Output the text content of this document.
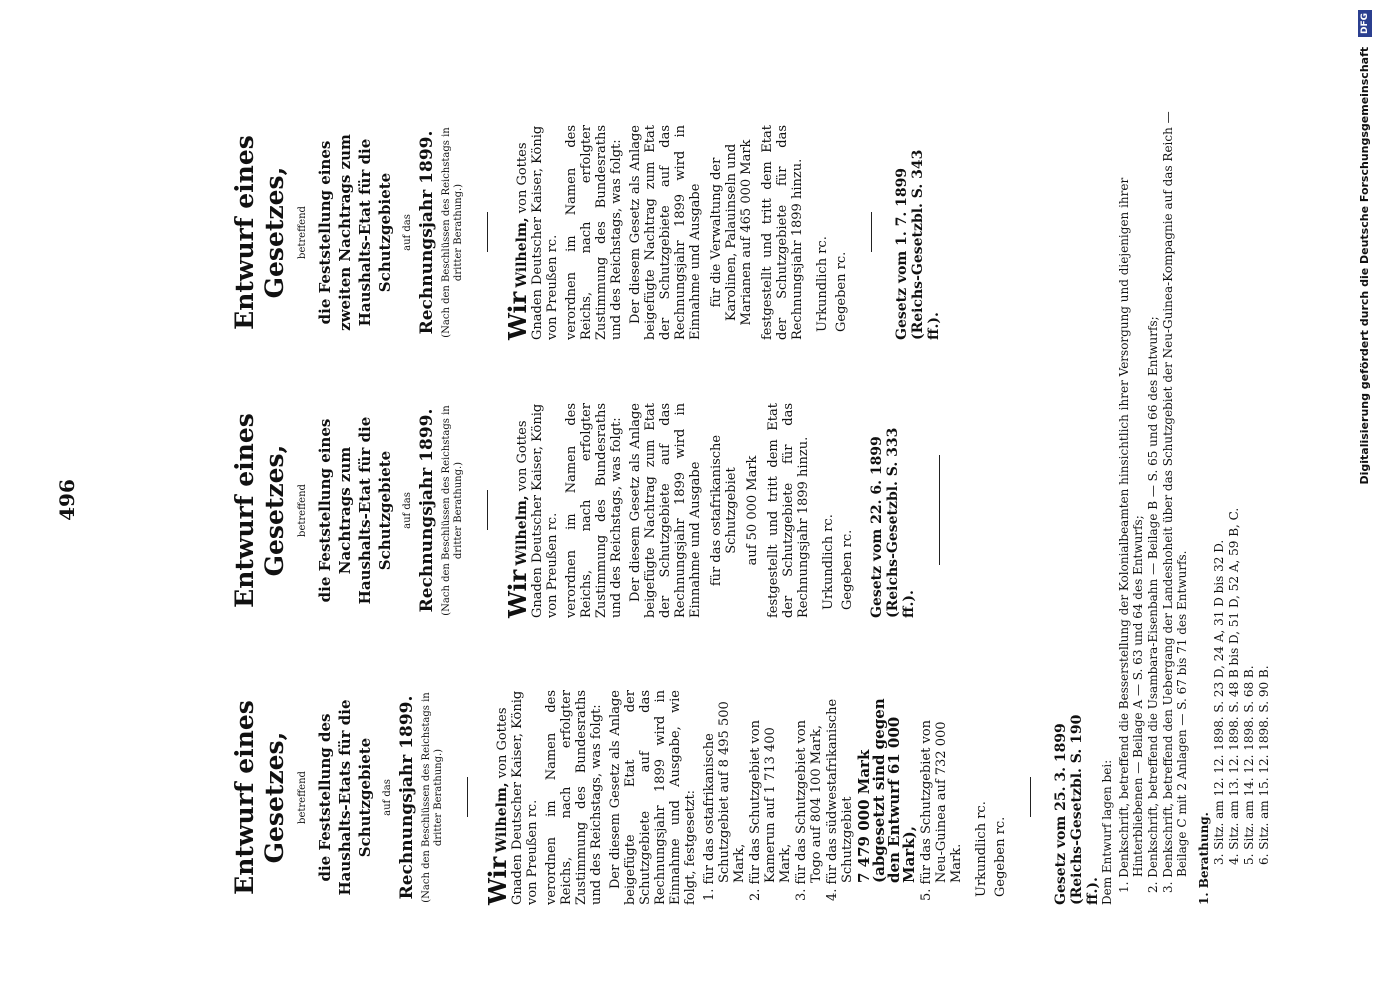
496
Entwurf eines Gesetzes, betreffend die Feststellung des Haushalts-Etats für die Schutzgebiete auf das Rechnungsjahr 1899. (Nach den Beschlüssen des Reichstags in dritter Berathung.)
Wir Wilhelm, von Gottes Gnaden Deutscher Kaiser, König von Preußen rc. verordnen im Namen des Reichs, nach erfolgter Zustimmung des Bundesraths und des Reichstags, was folgt: Der diesem Gesetz als Anlage beigefügte Etat der Schutzgebiete auf das Rechnungsjahr 1899 wird in Einnahme und Ausgabe, wie folgt, festgesetzt: 1. für das ostafrikanische Schutzgebiet auf 8 495 500 Mark, 2. für das Schutzgebiet von Kamerun auf 1 713 400 Mark, 3. für das Schutzgebiet von Togo auf 804 100 Mark, 4. für das südwestafrikanische Schutzgebiet 7 479 000 Mark (abgesetzt sind gegen den Entwurf 61 000 Mark), 5. für das Schutzgebiet von Neu-Guinea auf 732 000 Mark. Urkundlich rc. Gegeben rc.	Gesetz vom 25. 3. 1899 (Reichs-Gesetzbl. S. 190 ff.).
Entwurf eines Gesetzes, betreffend die Feststellung eines Nachtrags zum Haushalts-Etat für die Schutzgebiete auf das Rechnungsjahr 1899. (Nach den Beschlüssen des Reichstags in dritter Berathung.)
Wir Wilhelm, von Gottes Gnaden Deutscher Kaiser, König von Preußen rc. verordnen im Namen des Reichs, nach erfolgter Zustimmung des Bundesraths und des Reichstags, was folgt: Der diesem Gesetz als Anlage beigefügte Nachtrag zum Etat der Schutzgebiete auf das Rechnungsjahr 1899 wird in Einnahme und Ausgabe für das ostafrikanische Schutzgebiet auf 50 000 Mark festgestellt und tritt dem Etat der Schutzgebiete für das Rechnungsjahr 1899 hinzu. Urkundlich rc. Gegeben rc. Gesetz vom 22. 6. 1899 (Reichs-Gesetzbl. S. 333 ff.).
Entwurf eines Gesetzes, betreffend die Feststellung eines zweiten Nachtrags zum Haushalts-Etat für die Schutzgebiete auf das Rechnungsjahr 1899. (Nach den Beschlüssen des Reichstags in dritter Berathung.)
Wir Wilhelm, von Gottes Gnaden Deutscher Kaiser, König von Preußen rc. verordnen im Namen des Reichs, nach erfolgter Zustimmung des Bundesraths und des Reichstags, was folgt: Der diesem Gesetz als Anlage beigefügte Nachtrag zum Etat der Schutzgebiete auf das Rechnungsjahr 1899 wird in Einnahme und Ausgabe für die Verwaltung der Karolinen, Palauinseln und Marianen auf 465 000 Mark festgestellt und tritt dem Etat der Schutzgebiete für das Rechnungsjahr 1899 hinzu. Urkundlich rc. Gegeben rc.	Gesetz vom 1. 7. 1899 (Reichs-Gesetzbl. S. 343 ff.).
Dem Entwurf lagen bei: 1. Denkschrift, betreffend die Besserstellung der Kolonialbeamten hinsichtlich ihrer Versorgung und diejenigen ihrer Hinterbliebenen — Beilage A — S. 63 und 64 des Entwurfs; 2. Denkschrift, betreffend die Usambara-Eisenbahn — Beilage B — S. 65 und 66 des Entwurfs; 3. Denkschrift, betreffend den Uebergang der Landeshoheit über das Schutzgebiet der Neu-Guinea-Kompagnie auf das Reich — Beilage C mit 2 Anlagen — S. 67 bis 71 des Entwurfs. 1. Berathung. 3. Sitz. am 12. 12. 1898. S. 23 D, 24 A, 31 D bis 32 D. 4. Sitz. am 13. 12. 1898. S. 48 B bis D, 51 D, 52 A, 59 B, C. 5. Sitz. am 14. 12. 1898. S. 68 B. 6. Sitz. am 15. 12. 1898. S. 90 B.
Digitalisierung gefördert durch die Deutsche Forschungsgemeinschaft DFG
